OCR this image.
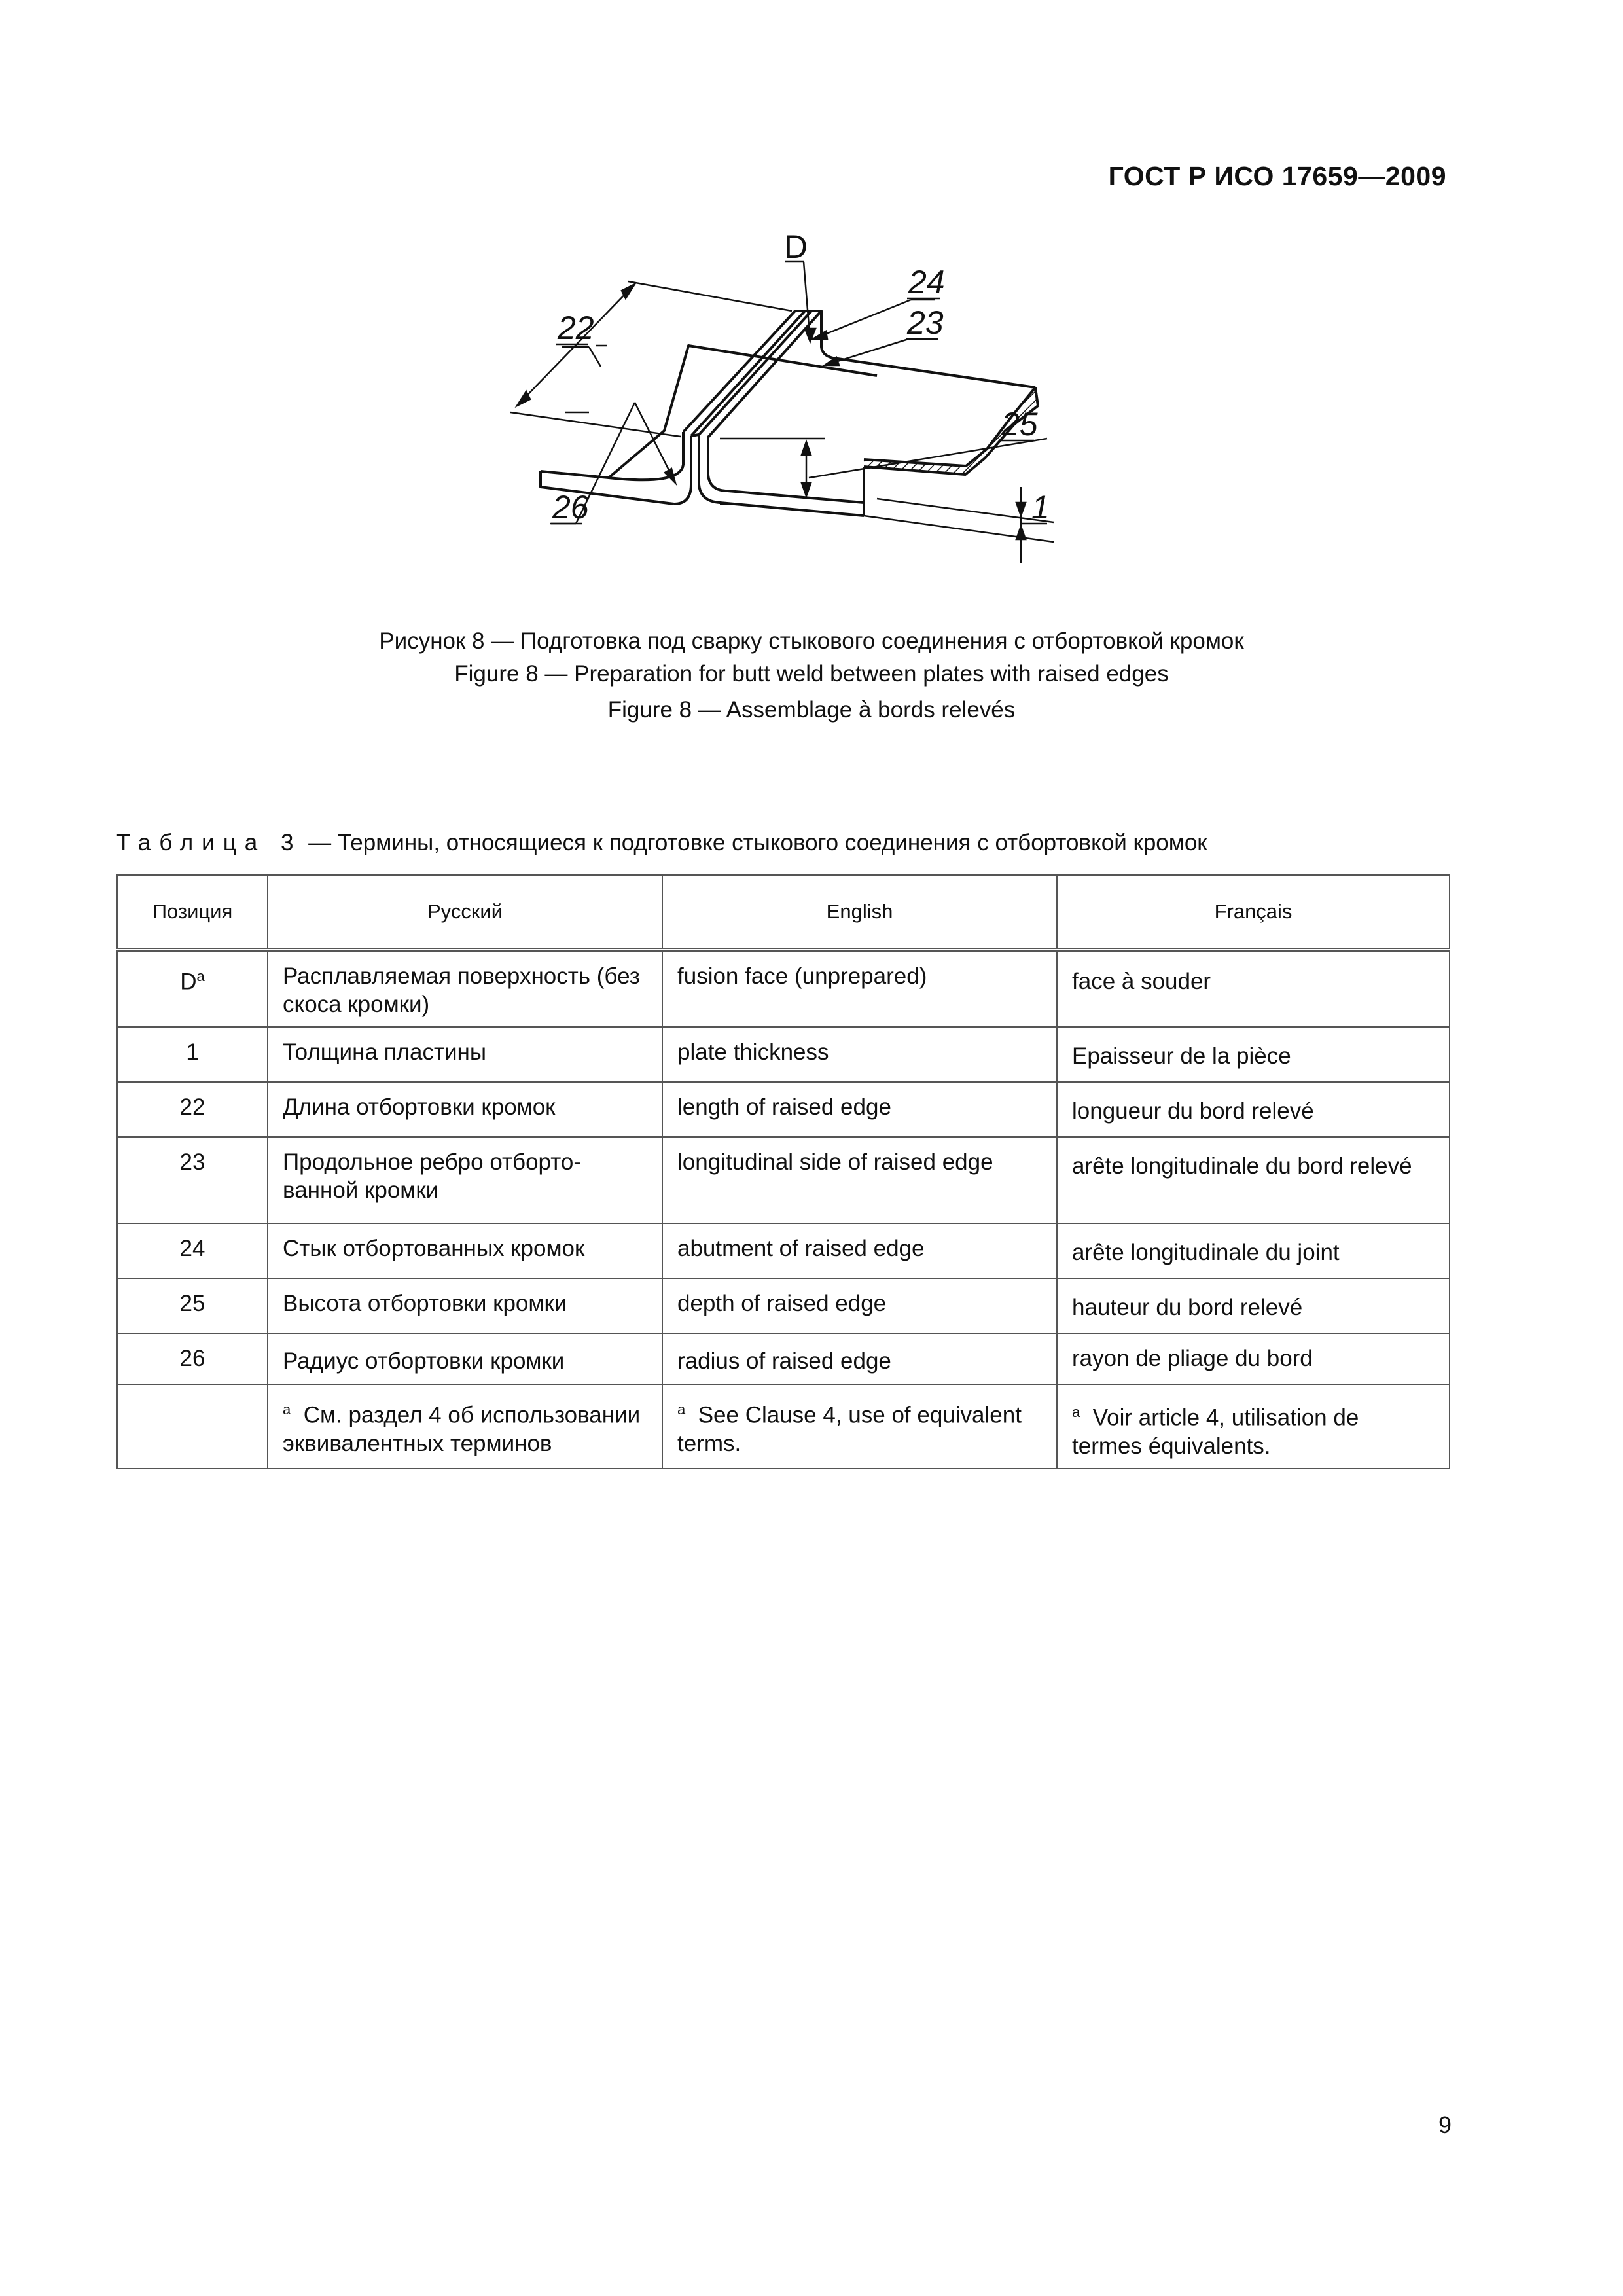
ГОСТ Р ИСО 17659—2009
D
22
24
23
25
26	1
Рисунок 8 — Подготовка под сварку стыкового соединения с отбортовкой кромок
Figure 8 — Preparation for butt weld between plates with raised edges
Figure 8 — Assemblage à bords relevés
Таблица 3 — Термины, относящиеся к подготовке стыкового соединения с отбортовкой кромок
Позиция	Русский	English	Français
$D^a$	Расплавляемая поверхность (без скоса кромки)	fusion face (unprepared)	face à souder
1	Толщина пластины	plate thickness	Epaisseur de la pièce
22	Длина отбортовки кромок	length of raised edge	longueur du bord relevé
23	Продольное ребро отбортованной кромки	longitudinal side of raised edge	arête longitudinale du bord relevé
24	Стык отбортованных кромок	abutment of raised edge	arête longitudinale du joint
25	Высота отбортовки кромки	depth of raised edge	hauteur du bord relevé
26	Радиус отбортовки кромки	radius of raised edge	rayon de pliage du bord
	$^a$ См. раздел 4 об использовании эквивалентных терминов	$^a$ See Clause 4, use of equivalent terms.	$^a$ Voir article 4, utilisation de termes équivalents.
9
